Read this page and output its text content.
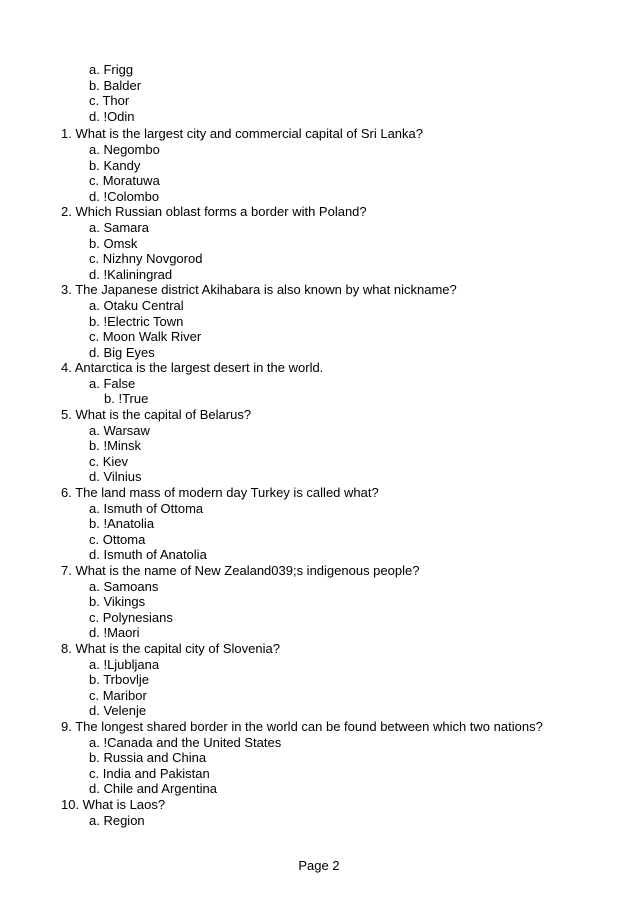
a. Frigg
b. Balder
c. Thor
d. !Odin
1. What is the largest city and commercial capital of Sri Lanka?
a. Negombo
b. Kandy
c. Moratuwa
d. !Colombo
2. Which Russian oblast forms a border with Poland?
a. Samara
b. Omsk
c. Nizhny Novgorod
d. !Kaliningrad
3. The Japanese district Akihabara is also known by what nickname?
a. Otaku Central
b. !Electric Town
c. Moon Walk River
d. Big Eyes
4. Antarctica is the largest desert in the world.
a. False
b. !True
5. What is the capital of Belarus?
a. Warsaw
b. !Minsk
c. Kiev
d. Vilnius
6. The land mass of modern day Turkey is called what?
a. Ismuth of Ottoma
b. !Anatolia
c. Ottoma
d. Ismuth of Anatolia
7. What is the name of New Zealand039;s indigenous people?
a. Samoans
b. Vikings
c. Polynesians
d. !Maori
8. What is the capital city of Slovenia?
a. !Ljubljana
b. Trbovlje
c. Maribor
d. Velenje
9. The longest shared border in the world can be found between which two nations?
a. !Canada and the United States
b. Russia and China
c. India and Pakistan
d. Chile and Argentina
10. What is Laos?
a. Region
Page 2
